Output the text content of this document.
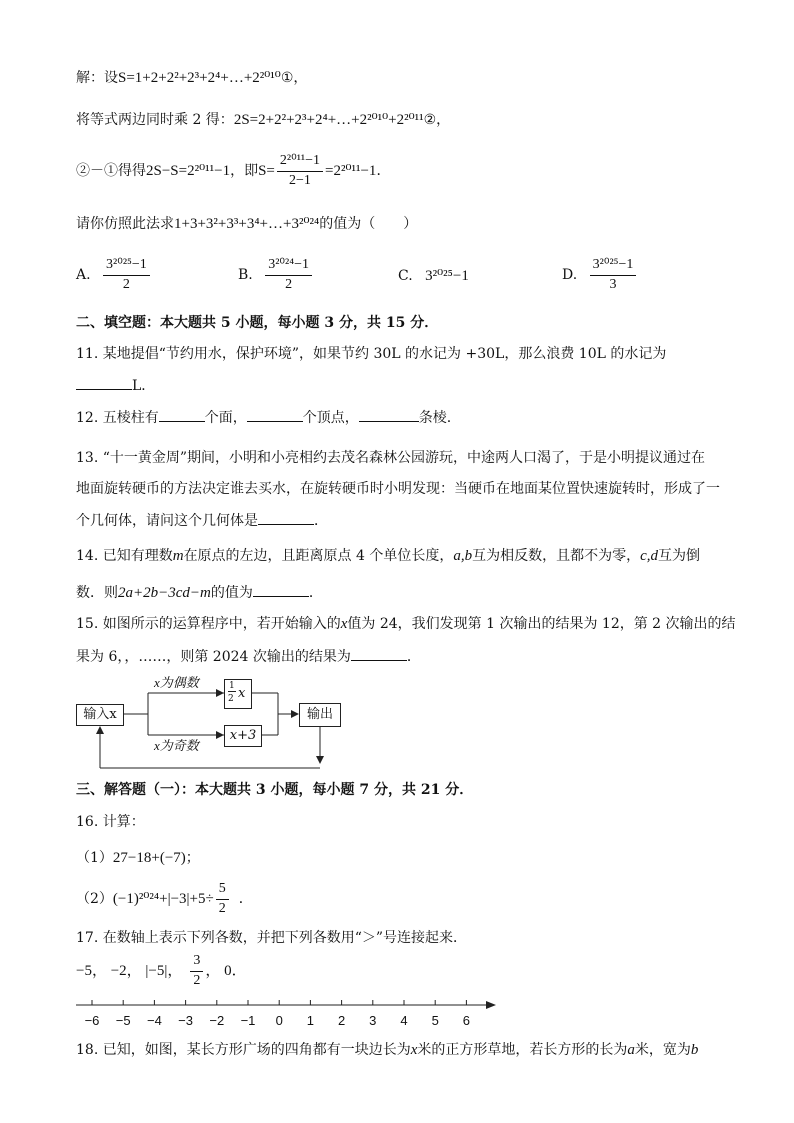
解：设S=1+2+2²+2³+2⁴+…+2²⁰¹⁰①，
将等式两边同时乘 2 得：2S=2+2²+2³+2⁴+…+2²⁰¹⁰+2²⁰¹¹②，
②－①得得2S−S=2²⁰¹¹−1，即$S= \frac{\text{2²⁰¹¹−1}}{2-1} =2^{2011}-1$．
请你仿照此法求1+3+3²+3³+3⁴+…+3²⁰²⁴的值为（　　）
A. $\frac{\text{3²⁰²⁵−1}}{2}$	B. $\frac{\text{3²⁰²⁴−1}}{2}$	C. 3²⁰²⁵−1	D. $\frac{\text{3²⁰²⁵−1}}{3}$
二、填空题：本大题共 5 小题，每小题 3 分，共 15 分．
11. 某地提倡“节约用水，保护环境”，如果节约 30L 的水记为 +30L，那么浪费 10L 的水记为
L．
12. 五棱柱有	个面，	个顶点，	条棱.
13. “十一黄金周”期间，小明和小亮相约去茂名森林公园游玩，中途两人口渴了，于是小明提议通过在
地面旋转硬币的方法决定谁去买水，在旋转硬币时小明发现：当硬币在地面某位置快速旋转时，形成了一
个几何体，请问这个几何体是	．
14. 已知有理数m在原点的左边，且距离原点 4 个单位长度，a,b互为相反数，且都不为零，c,d互为倒
数．则2a+2b−3cd−m的值为	．
15. 如图所示的运算程序中，若开始输入的x值为 24，我们发现第 1 次输出的结果为 12，第 2 次输出的结
果为 6，，……，则第 2024 次输出的结果为	．
输入x
x为偶数
x为奇数
1
2 x
x+3
输出
三、解答题（一）：本大题共 3 小题，每小题 7 分，共 21 分．
16. 计算：
（1）27−18+(−7)；
$(2)(-1)^{2024}+|-3|+5\div \frac{5}{2}$ ．
17. 在数轴上表示下列各数，并把下列各数用“＞”号连接起来．
−5， −2， |−5|， $\frac{3}{2}$ ， 0．
−6 −5 −4 −3 −2 −1 0 1 2 3 4 5 6
18. 已知，如图，某长方形广场的四角都有一块边长为x米的正方形草地，若长方形的长为a米，宽为b
